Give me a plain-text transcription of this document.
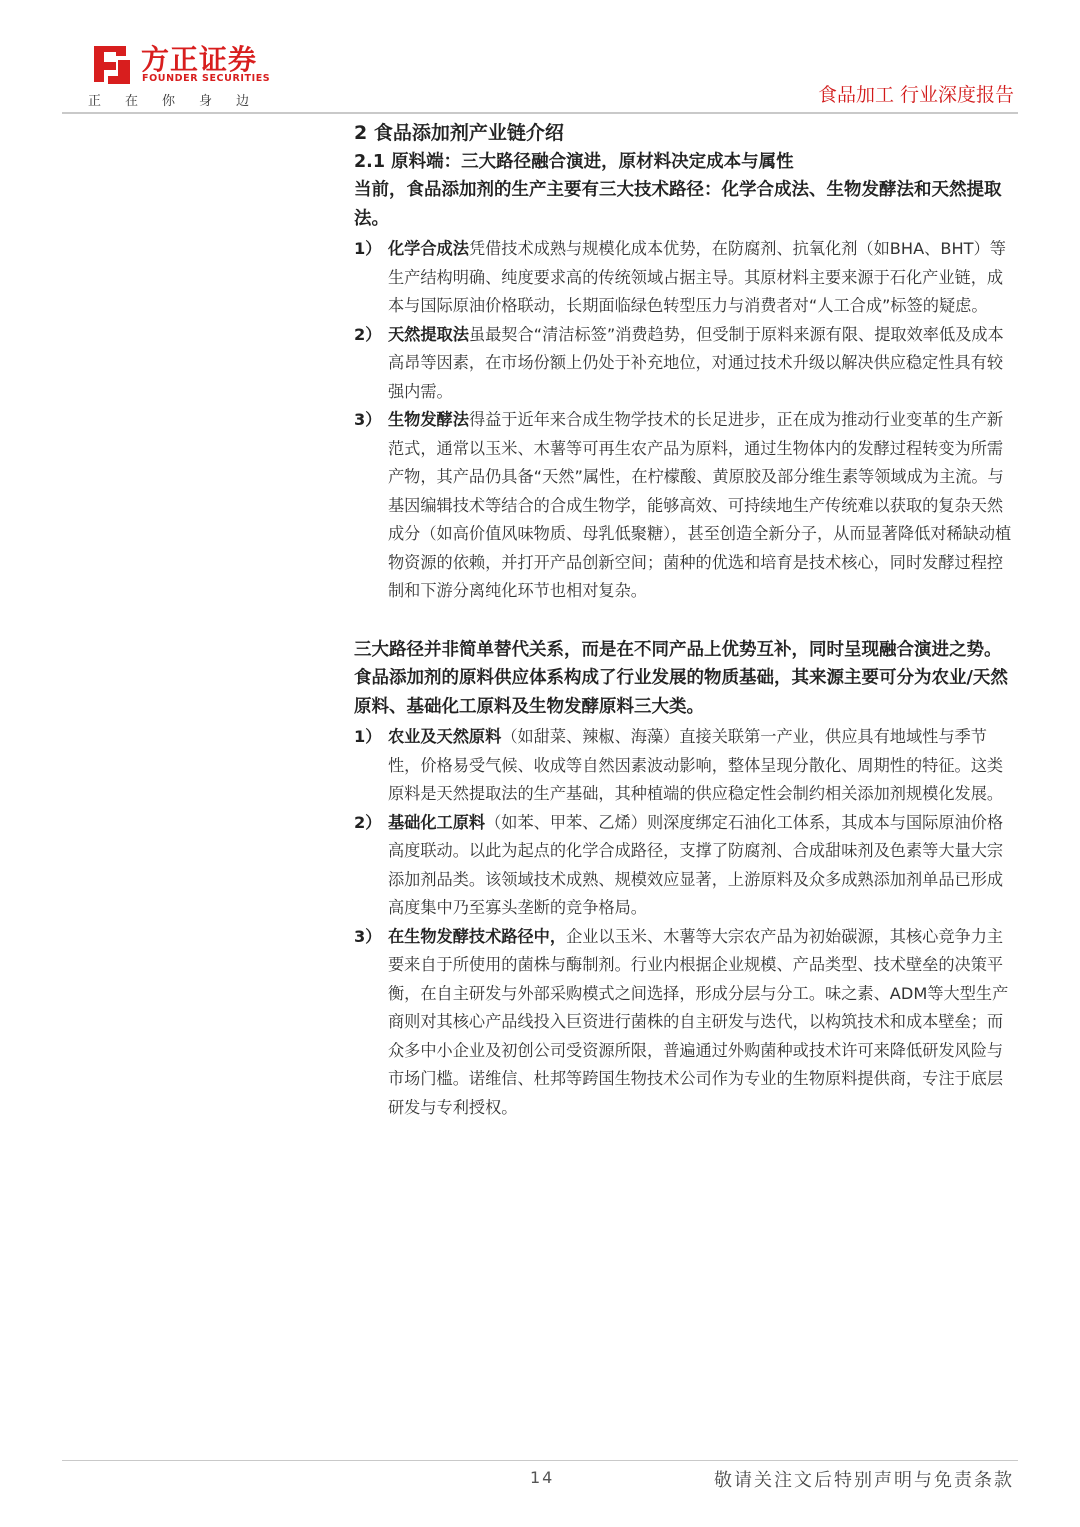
方正证券
FOUNDER SECURITIES
正在你身边	食品加工 行业深度报告
2 食品添加剂产业链介绍
2.1 原料端：三大路径融合演进，原材料决定成本与属性

当前，食品添加剂的生产主要有三大技术路径：化学合成法、生物发酵法和天然提取法。

1） 化学合成法凭借技术成熟与规模化成本优势，在防腐剂、抗氧化剂（如BHA、BHT）等生产结构明确、纯度要求高的传统领域占据主导。其原材料主要来源于石化产业链，成本与国际原油价格联动，长期面临绿色转型压力与消费者对“人工合成”标签的疑虑。
2） 天然提取法虽最契合“清洁标签”消费趋势，但受制于原料来源有限、提取效率低及成本高昂等因素，在市场份额上仍处于补充地位，对通过技术升级以解决供应稳定性具有较强内需。
3） 生物发酵法得益于近年来合成生物学技术的长足进步，正在成为推动行业变革的生产新范式，通常以玉米、木薯等可再生农产品为原料，通过生物体内的发酵过程转变为所需产物，其产品仍具备“天然”属性，在柠檬酸、黄原胶及部分维生素等领域成为主流。与基因编辑技术等结合的合成生物学，能够高效、可持续地生产传统难以获取的复杂天然成分（如高价值风味物质、母乳低聚糖），甚至创造全新分子，从而显著降低对稀缺动植物资源的依赖，并打开产品创新空间；菌种的优选和培育是技术核心，同时发酵过程控制和下游分离纯化环节也相对复杂。

三大路径并非简单替代关系，而是在不同产品上优势互补，同时呈现融合演进之势。食品添加剂的原料供应体系构成了行业发展的物质基础，其来源主要可分为农业/天然原料、基础化工原料及生物发酵原料三大类。

1） 农业及天然原料（如甜菜、辣椒、海藻）直接关联第一产业，供应具有地域性与季节性，价格易受气候、收成等自然因素波动影响，整体呈现分散化、周期性的特征。这类原料是天然提取法的生产基础，其种植端的供应稳定性会制约相关添加剂规模化发展。
2） 基础化工原料（如苯、甲苯、乙烯）则深度绑定石油化工体系，其成本与国际原油价格高度联动。以此为起点的化学合成路径，支撑了防腐剂、合成甜味剂及色素等大量大宗添加剂品类。该领域技术成熟、规模效应显著，上游原料及众多成熟添加剂单品已形成高度集中乃至寡头垄断的竞争格局。
3） 在生物发酵技术路径中，企业以玉米、木薯等大宗农产品为初始碳源，其核心竞争力主要来自于所使用的菌株与酶制剂。行业内根据企业规模、产品类型、技术壁垒的决策平衡，在自主研发与外部采购模式之间选择，形成分层与分工。味之素、ADM等大型生产商则对其核心产品线投入巨资进行菌株的自主研发与迭代，以构筑技术和成本壁垒；而众多中小企业及初创公司受资源所限，普遍通过外购菌种或技术许可来降低研发风险与市场门槛。诺维信、杜邦等跨国生物技术公司作为专业的生物原料提供商，专注于底层研发与专利授权。
14	敬请关注文后特别声明与免责条款
